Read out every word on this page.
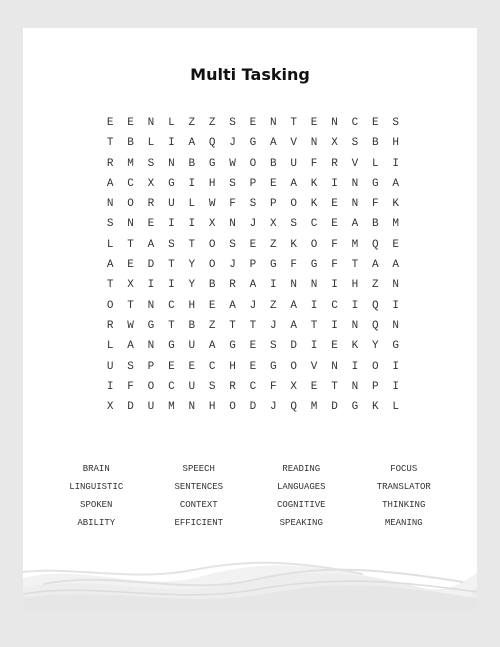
Multi Tasking
E	E	N	L	Z	Z	S	E	N	T	E	N	C	E	S
T	B	L	I	A	Q	J	G	A	V	N	X	S	B	H
R	M	S	N	B	G	W	O	B	U	F	R	V	L	I
A	C	X	G	I	H	S	P	E	A	K	I	N	G	A
N	O	R	U	L	W	F	S	P	O	K	E	N	F	K
S	N	E	I	I	X	N	J	X	S	C	E	A	B	M
L	T	A	S	T	O	S	E	Z	K	O	F	M	Q	E
A	E	D	T	Y	O	J	P	G	F	G	F	T	A	A
T	X	I	I	Y	B	R	A	I	N	N	I	H	Z	N
O	T	N	C	H	E	A	J	Z	A	I	C	I	Q	I
R	W	G	T	B	Z	T	T	J	A	T	I	N	Q	N
L	A	N	G	U	A	G	E	S	D	I	E	K	Y	G
U	S	P	E	E	C	H	E	G	O	V	N	I	O	I
I	F	O	C	U	S	R	C	F	X	E	T	N	P	I
X	D	U	M	N	H	O	D	J	Q	M	D	G	K	L
BRAIN	SPEECH	READING	FOCUS
LINGUISTIC	SENTENCES	LANGUAGES	TRANSLATOR
SPOKEN	CONTEXT	COGNITIVE	THINKING
ABILITY	EFFICIENT	SPEAKING	MEANING
